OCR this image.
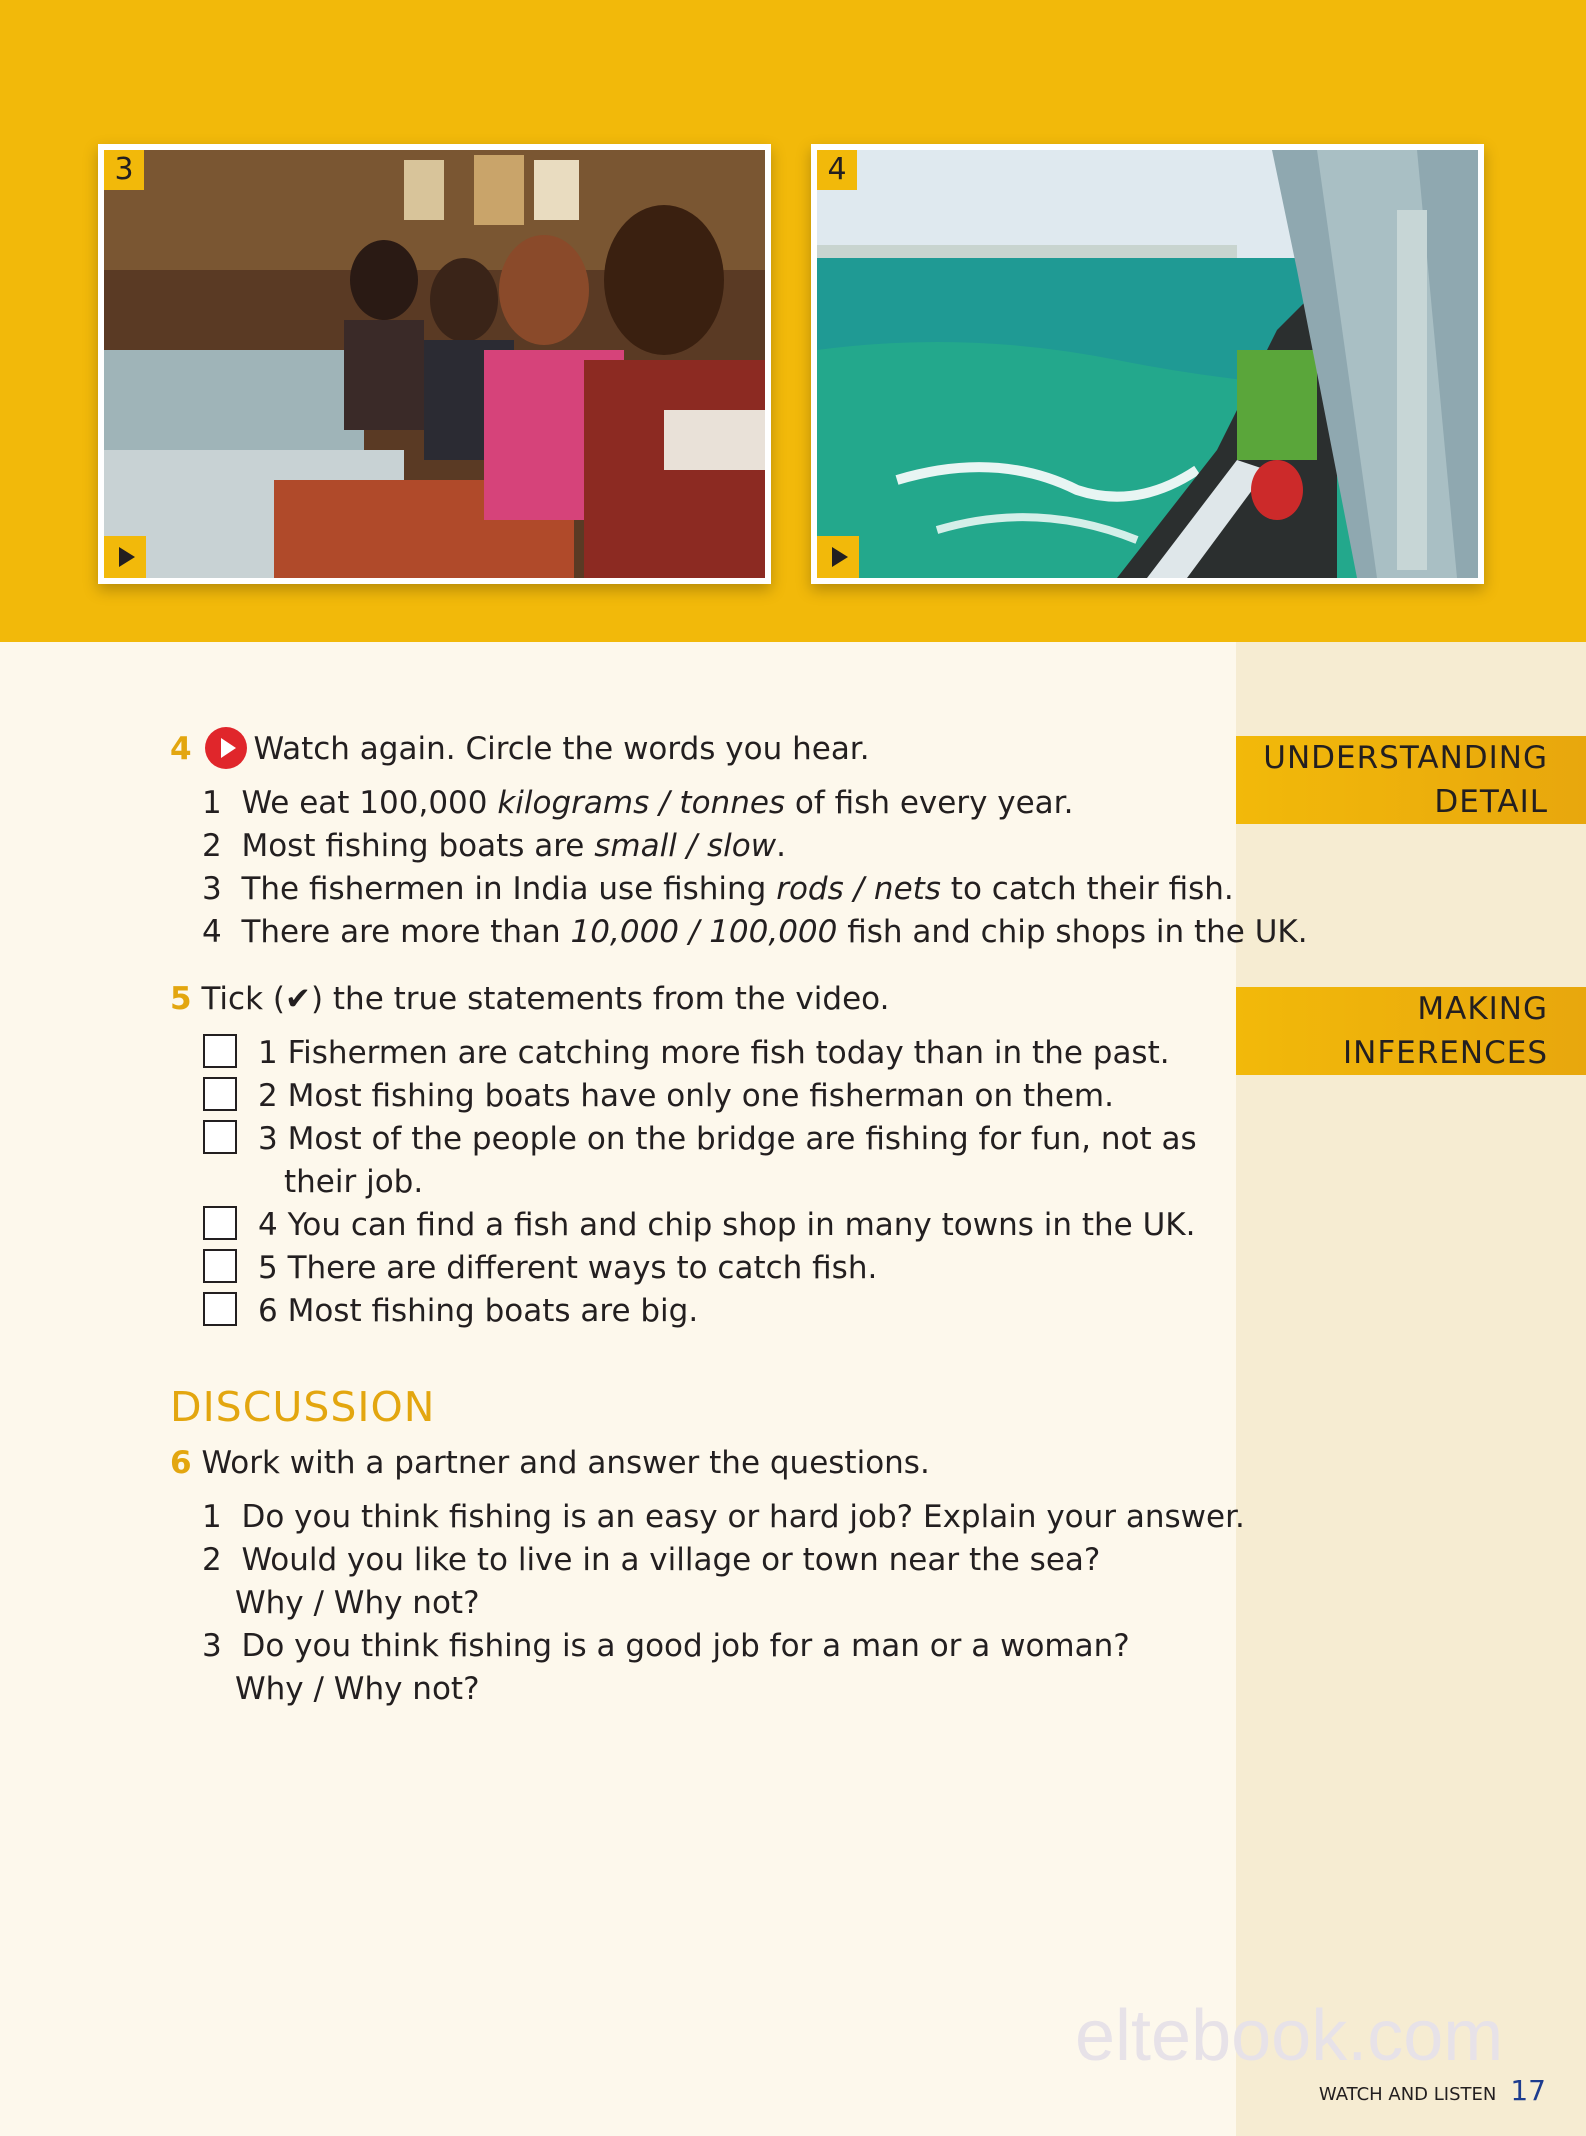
3	4
UNDERSTANDING
DETAIL
MAKING
INFERENCES
4 Watch again. Circle the words you hear.
1 We eat 100,000 kilograms / tonnes of fish every year.
2 Most fishing boats are small / slow.
3 The fishermen in India use fishing rods / nets to catch their fish.
4 There are more than 10,000 / 100,000 fish and chip shops in the UK.
5 Tick (✔) the true statements from the video.
1 Fishermen are catching more fish today than in the past.
2 Most fishing boats have only one fisherman on them.
3 Most of the people on the bridge are fishing for fun, not as
their job.
4 You can find a fish and chip shop in many towns in the UK.
5 There are different ways to catch fish.
6 Most fishing boats are big.
DISCUSSION
6 Work with a partner and answer the questions.
1 Do you think fishing is an easy or hard job? Explain your answer.
2 Would you like to live in a village or town near the sea?
Why / Why not?
3 Do you think fishing is a good job for a man or a woman?
Why / Why not?
eltebook.com
WATCH AND LISTEN 17
